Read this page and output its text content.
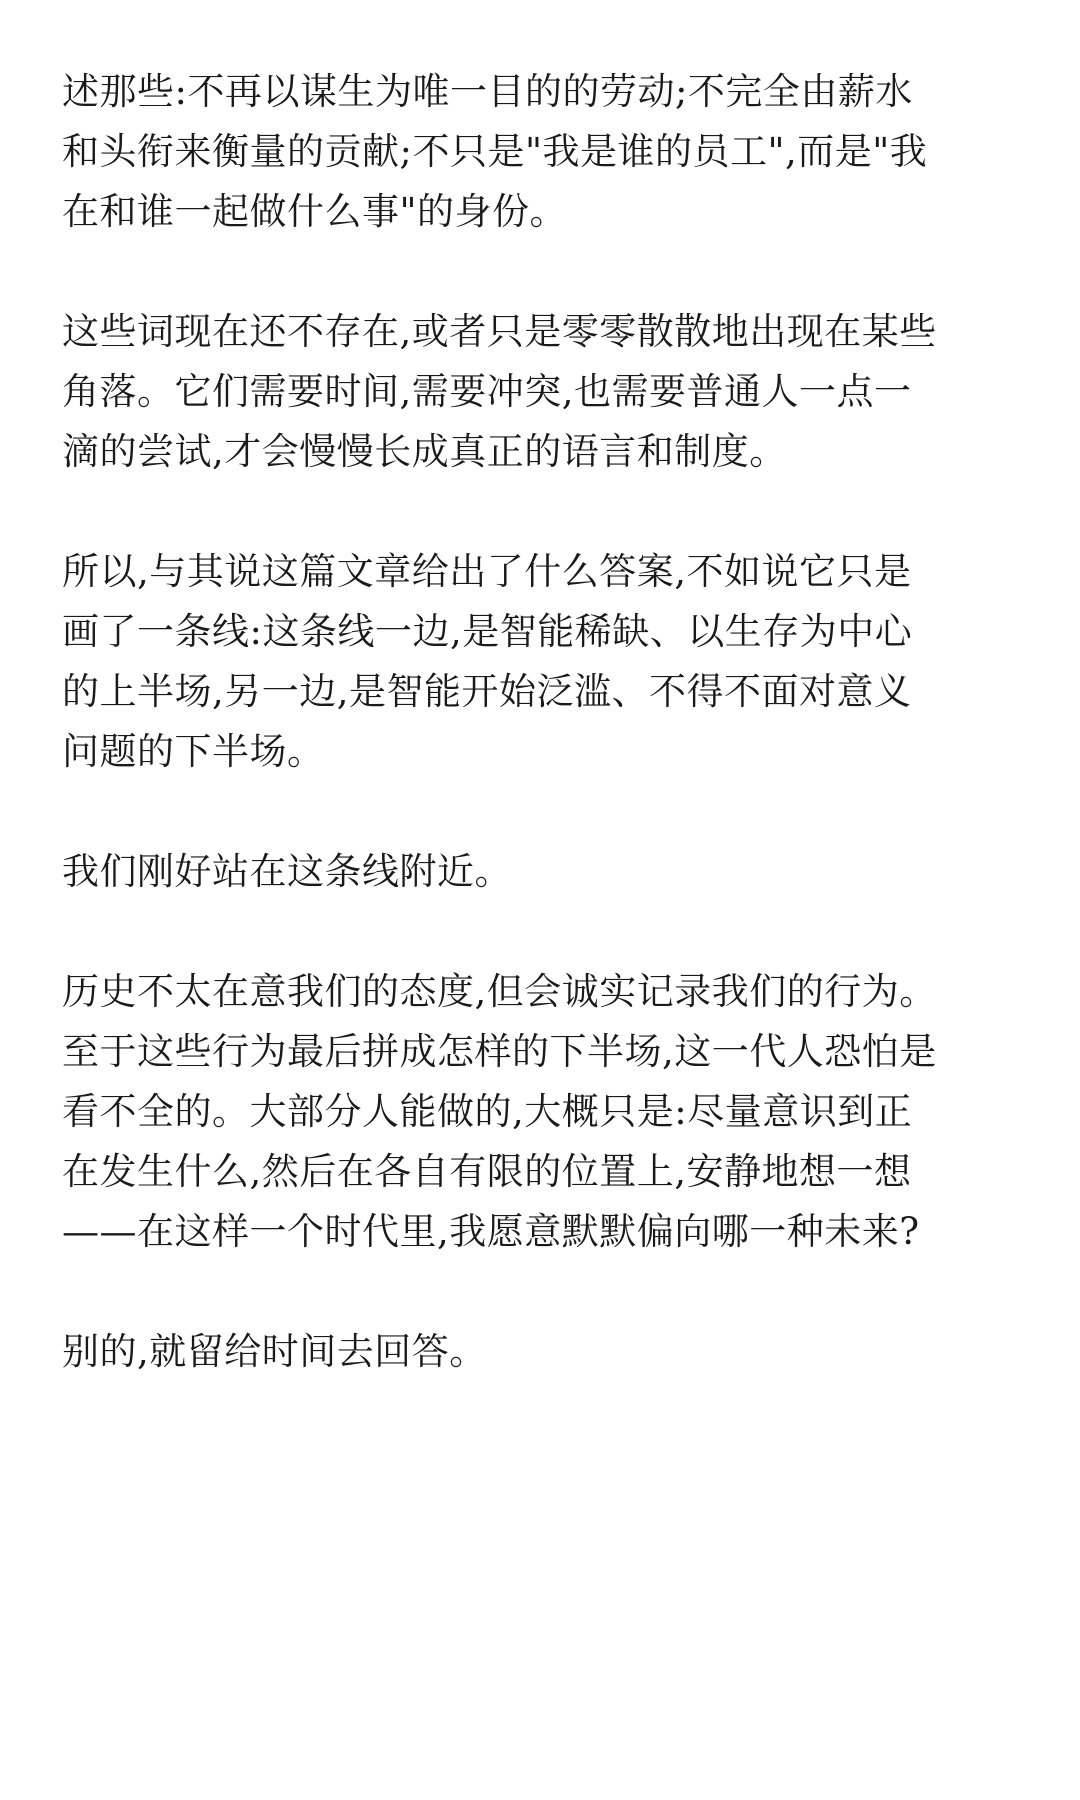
述那些:不再以谋生为唯一目的的劳动;不完全由薪水
和头衔来衡量的贡献;不只是"我是谁的员工",而是"我
在和谁一起做什么事"的身份。

这些词现在还不存在,或者只是零零散散地出现在某些
角落。它们需要时间,需要冲突,也需要普通人一点一
滴的尝试,才会慢慢长成真正的语言和制度。

所以,与其说这篇文章给出了什么答案,不如说它只是
画了一条线:这条线一边,是智能稀缺、以生存为中心
的上半场,另一边,是智能开始泛滥、不得不面对意义
问题的下半场。

我们刚好站在这条线附近。

历史不太在意我们的态度,但会诚实记录我们的行为。
至于这些行为最后拼成怎样的下半场,这一代人恐怕是
看不全的。大部分人能做的,大概只是:尽量意识到正
在发生什么,然后在各自有限的位置上,安静地想一想
——在这样一个时代里,我愿意默默偏向哪一种未来?

别的,就留给时间去回答。
